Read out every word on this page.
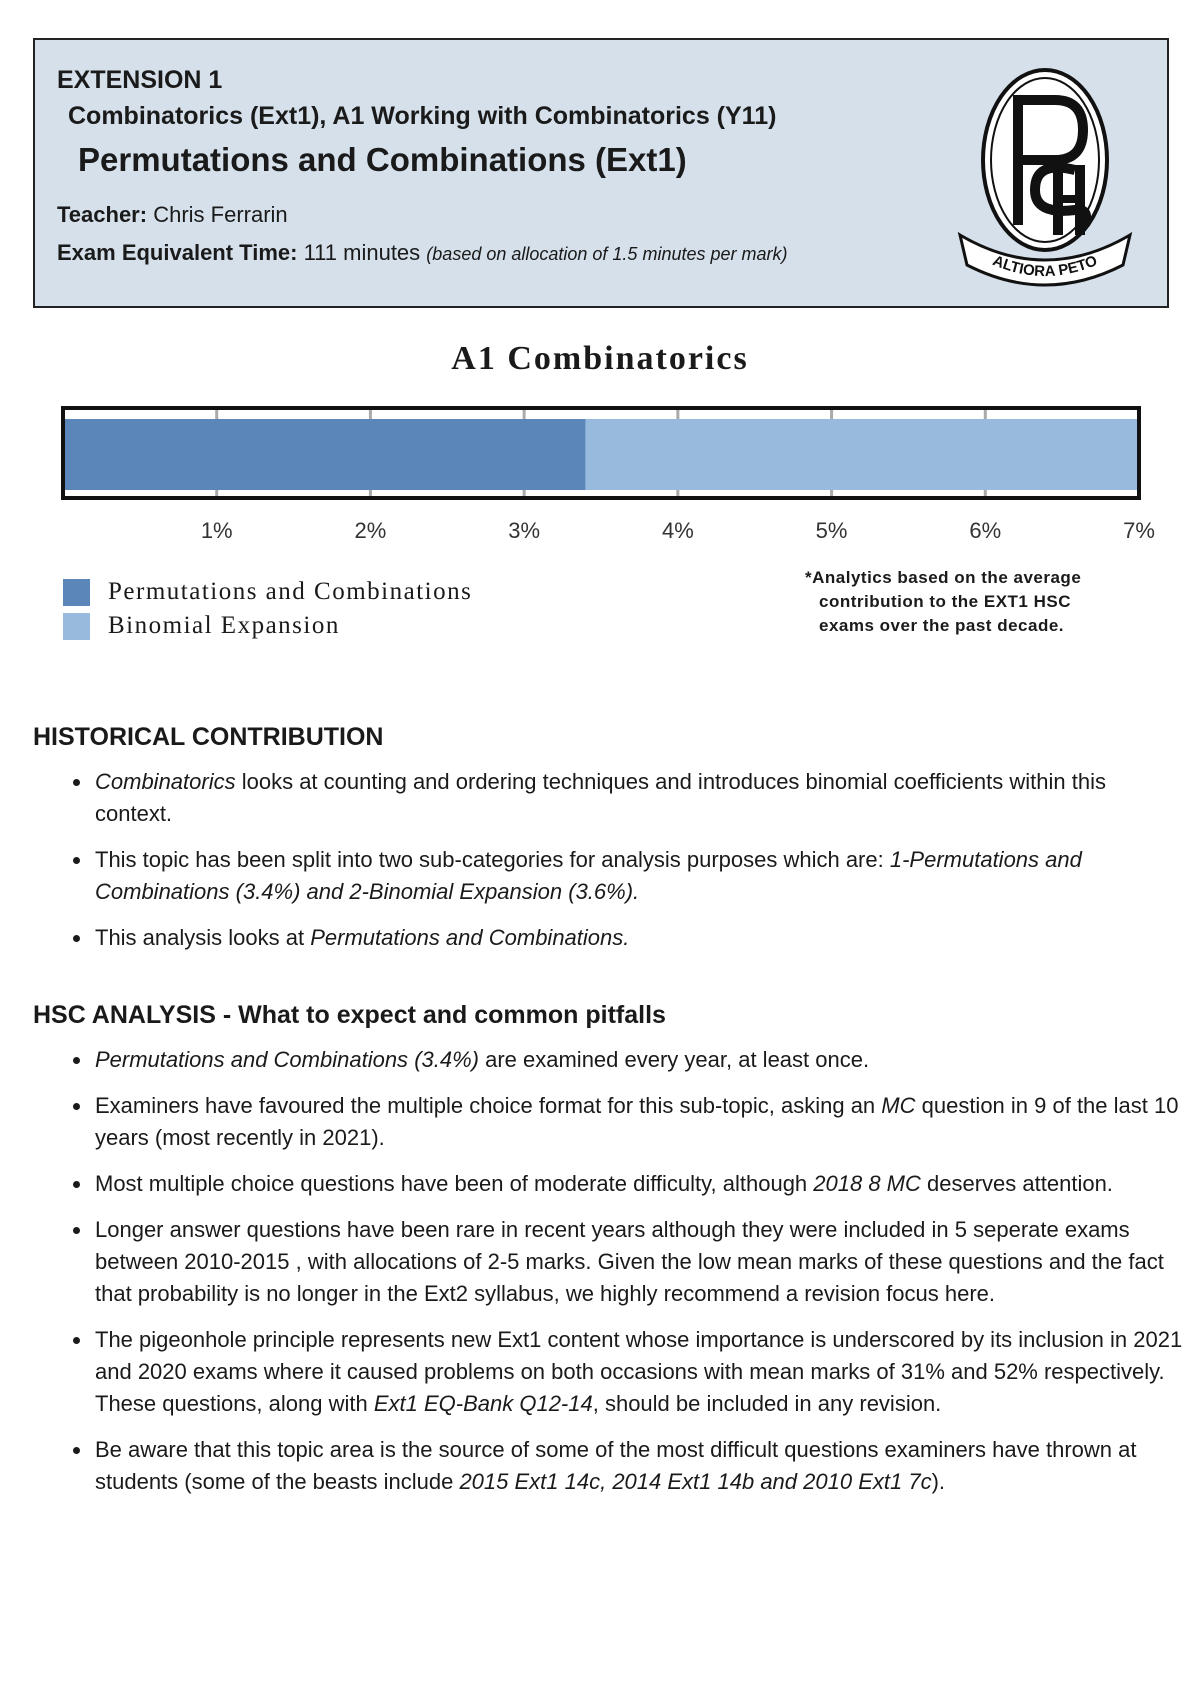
EXTENSION 1
Combinatorics (Ext1), A1 Working with Combinatorics (Y11)
Permutations and Combinations (Ext1)
Teacher: Chris Ferrarin
Exam Equivalent Time: 111 minutes (based on allocation of 1.5 minutes per mark)	ALTIORA PETO
A1 Combinatorics
1%	2%	3%	4%	5%	6%	7%
Permutations and Combinations
Binomial Expansion
*Analytics based on the average
contribution to the EXT1 HSC
exams over the past decade.
HISTORICAL CONTRIBUTION
• Combinatorics looks at counting and ordering techniques and introduces binomial coefficients within this context.
• This topic has been split into two sub-categories for analysis purposes which are: 1-Permutations and Combinations (3.4%) and 2-Binomial Expansion (3.6%).
• This analysis looks at Permutations and Combinations.
HSC ANALYSIS - What to expect and common pitfalls
• Permutations and Combinations (3.4%) are examined every year, at least once.
• Examiners have favoured the multiple choice format for this sub-topic, asking an MC question in 9 of the last 10 years (most recently in 2021).
• Most multiple choice questions have been of moderate difficulty, although 2018 8 MC deserves attention.
• Longer answer questions have been rare in recent years although they were included in 5 seperate exams between 2010-2015 , with allocations of 2-5 marks. Given the low mean marks of these questions and the fact that probability is no longer in the Ext2 syllabus, we highly recommend a revision focus here.
• The pigeonhole principle represents new Ext1 content whose importance is underscored by its inclusion in 2021 and 2020 exams where it caused problems on both occasions with mean marks of 31% and 52% respectively. These questions, along with Ext1 EQ-Bank Q12-14, should be included in any revision.
• Be aware that this topic area is the source of some of the most difficult questions examiners have thrown at students (some of the beasts include 2015 Ext1 14c, 2014 Ext1 14b and 2010 Ext1 7c).
